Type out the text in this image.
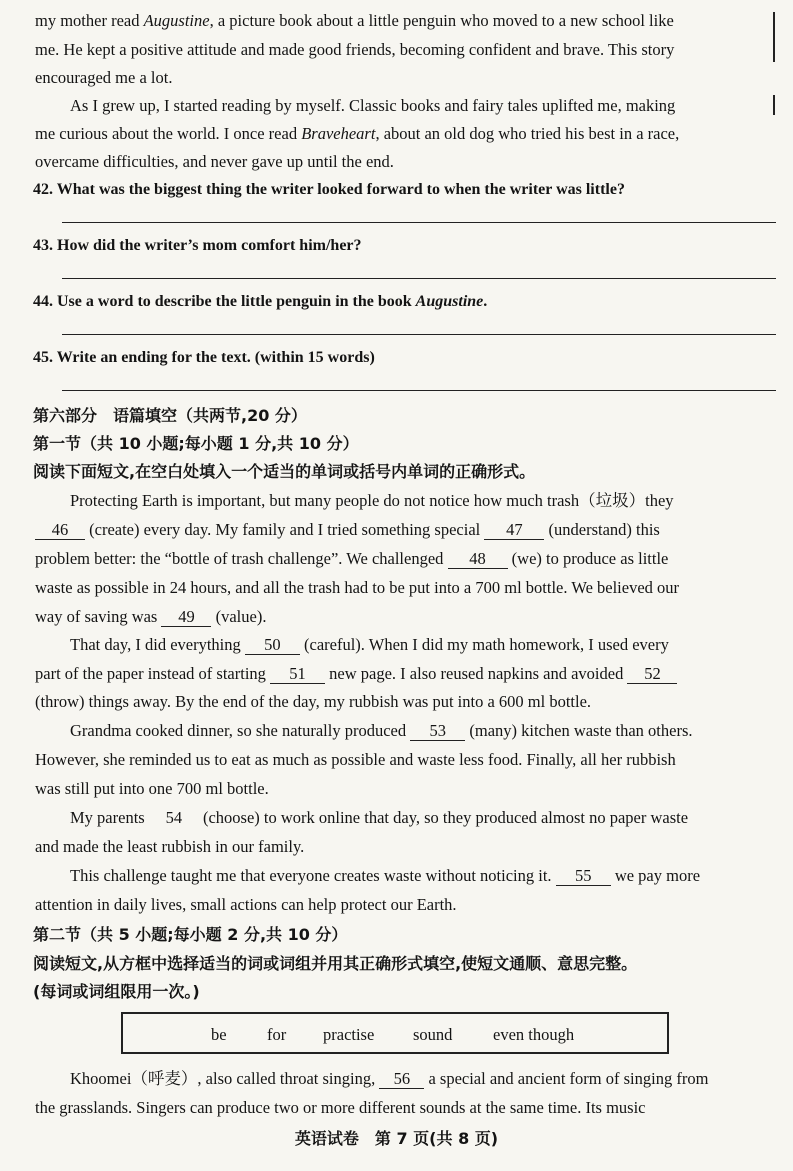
my mother read Augustine, a picture book about a little penguin who moved to a new school like
me. He kept a positive attitude and made good friends, becoming confident and brave. This story
encouraged me a lot.
As I grew up, I started reading by myself. Classic books and fairy tales uplifted me, making
me curious about the world. I once read Braveheart, about an old dog who tried his best in a race,
overcame difficulties, and never gave up until the end.
42. What was the biggest thing the writer looked forward to when the writer was little?
43. How did the writer’s mom comfort him/her?
44. Use a word to describe the little penguin in the book Augustine.
45. Write an ending for the text. (within 15 words)
第六部分　语篇填空（共两节,20 分）
第一节（共 10 小题;每小题 1 分,共 10 分）
阅读下面短文,在空白处填入一个适当的单词或括号内单词的正确形式。
Protecting Earth is important, but many people do not notice how much trash（垃圾）they
46 (create) every day. My family and I tried something special 47 (understand) this
problem better: the “bottle of trash challenge”. We challenged 48 (we) to produce as little
waste as possible in 24 hours, and all the trash had to be put into a 700 ml bottle. We believed our
way of saving was 49 (value).
That day, I did everything 50 (careful). When I did my math homework, I used every
part of the paper instead of starting 51 new page. I also reused napkins and avoided 52
(throw) things away. By the end of the day, my rubbish was put into a 600 ml bottle.
Grandma cooked dinner, so she naturally produced 53 (many) kitchen waste than others.
However, she reminded us to eat as much as possible and waste less food. Finally, all her rubbish
was still put into one 700 ml bottle.
My parents 54 (choose) to work online that day, so they produced almost no paper waste
and made the least rubbish in our family.
This challenge taught me that everyone creates waste without noticing it. 55 we pay more
attention in daily lives, small actions can help protect our Earth.
第二节（共 5 小题;每小题 2 分,共 10 分）
阅读短文,从方框中选择适当的词或词组并用其正确形式填空,使短文通顺、意思完整。
(每词或词组限用一次。)
be for practise sound even though
Khoomei（呼麦）, also called throat singing, 56 a special and ancient form of singing from
the grasslands. Singers can produce two or more different sounds at the same time. Its music
英语试卷　第 7 页(共 8 页)
